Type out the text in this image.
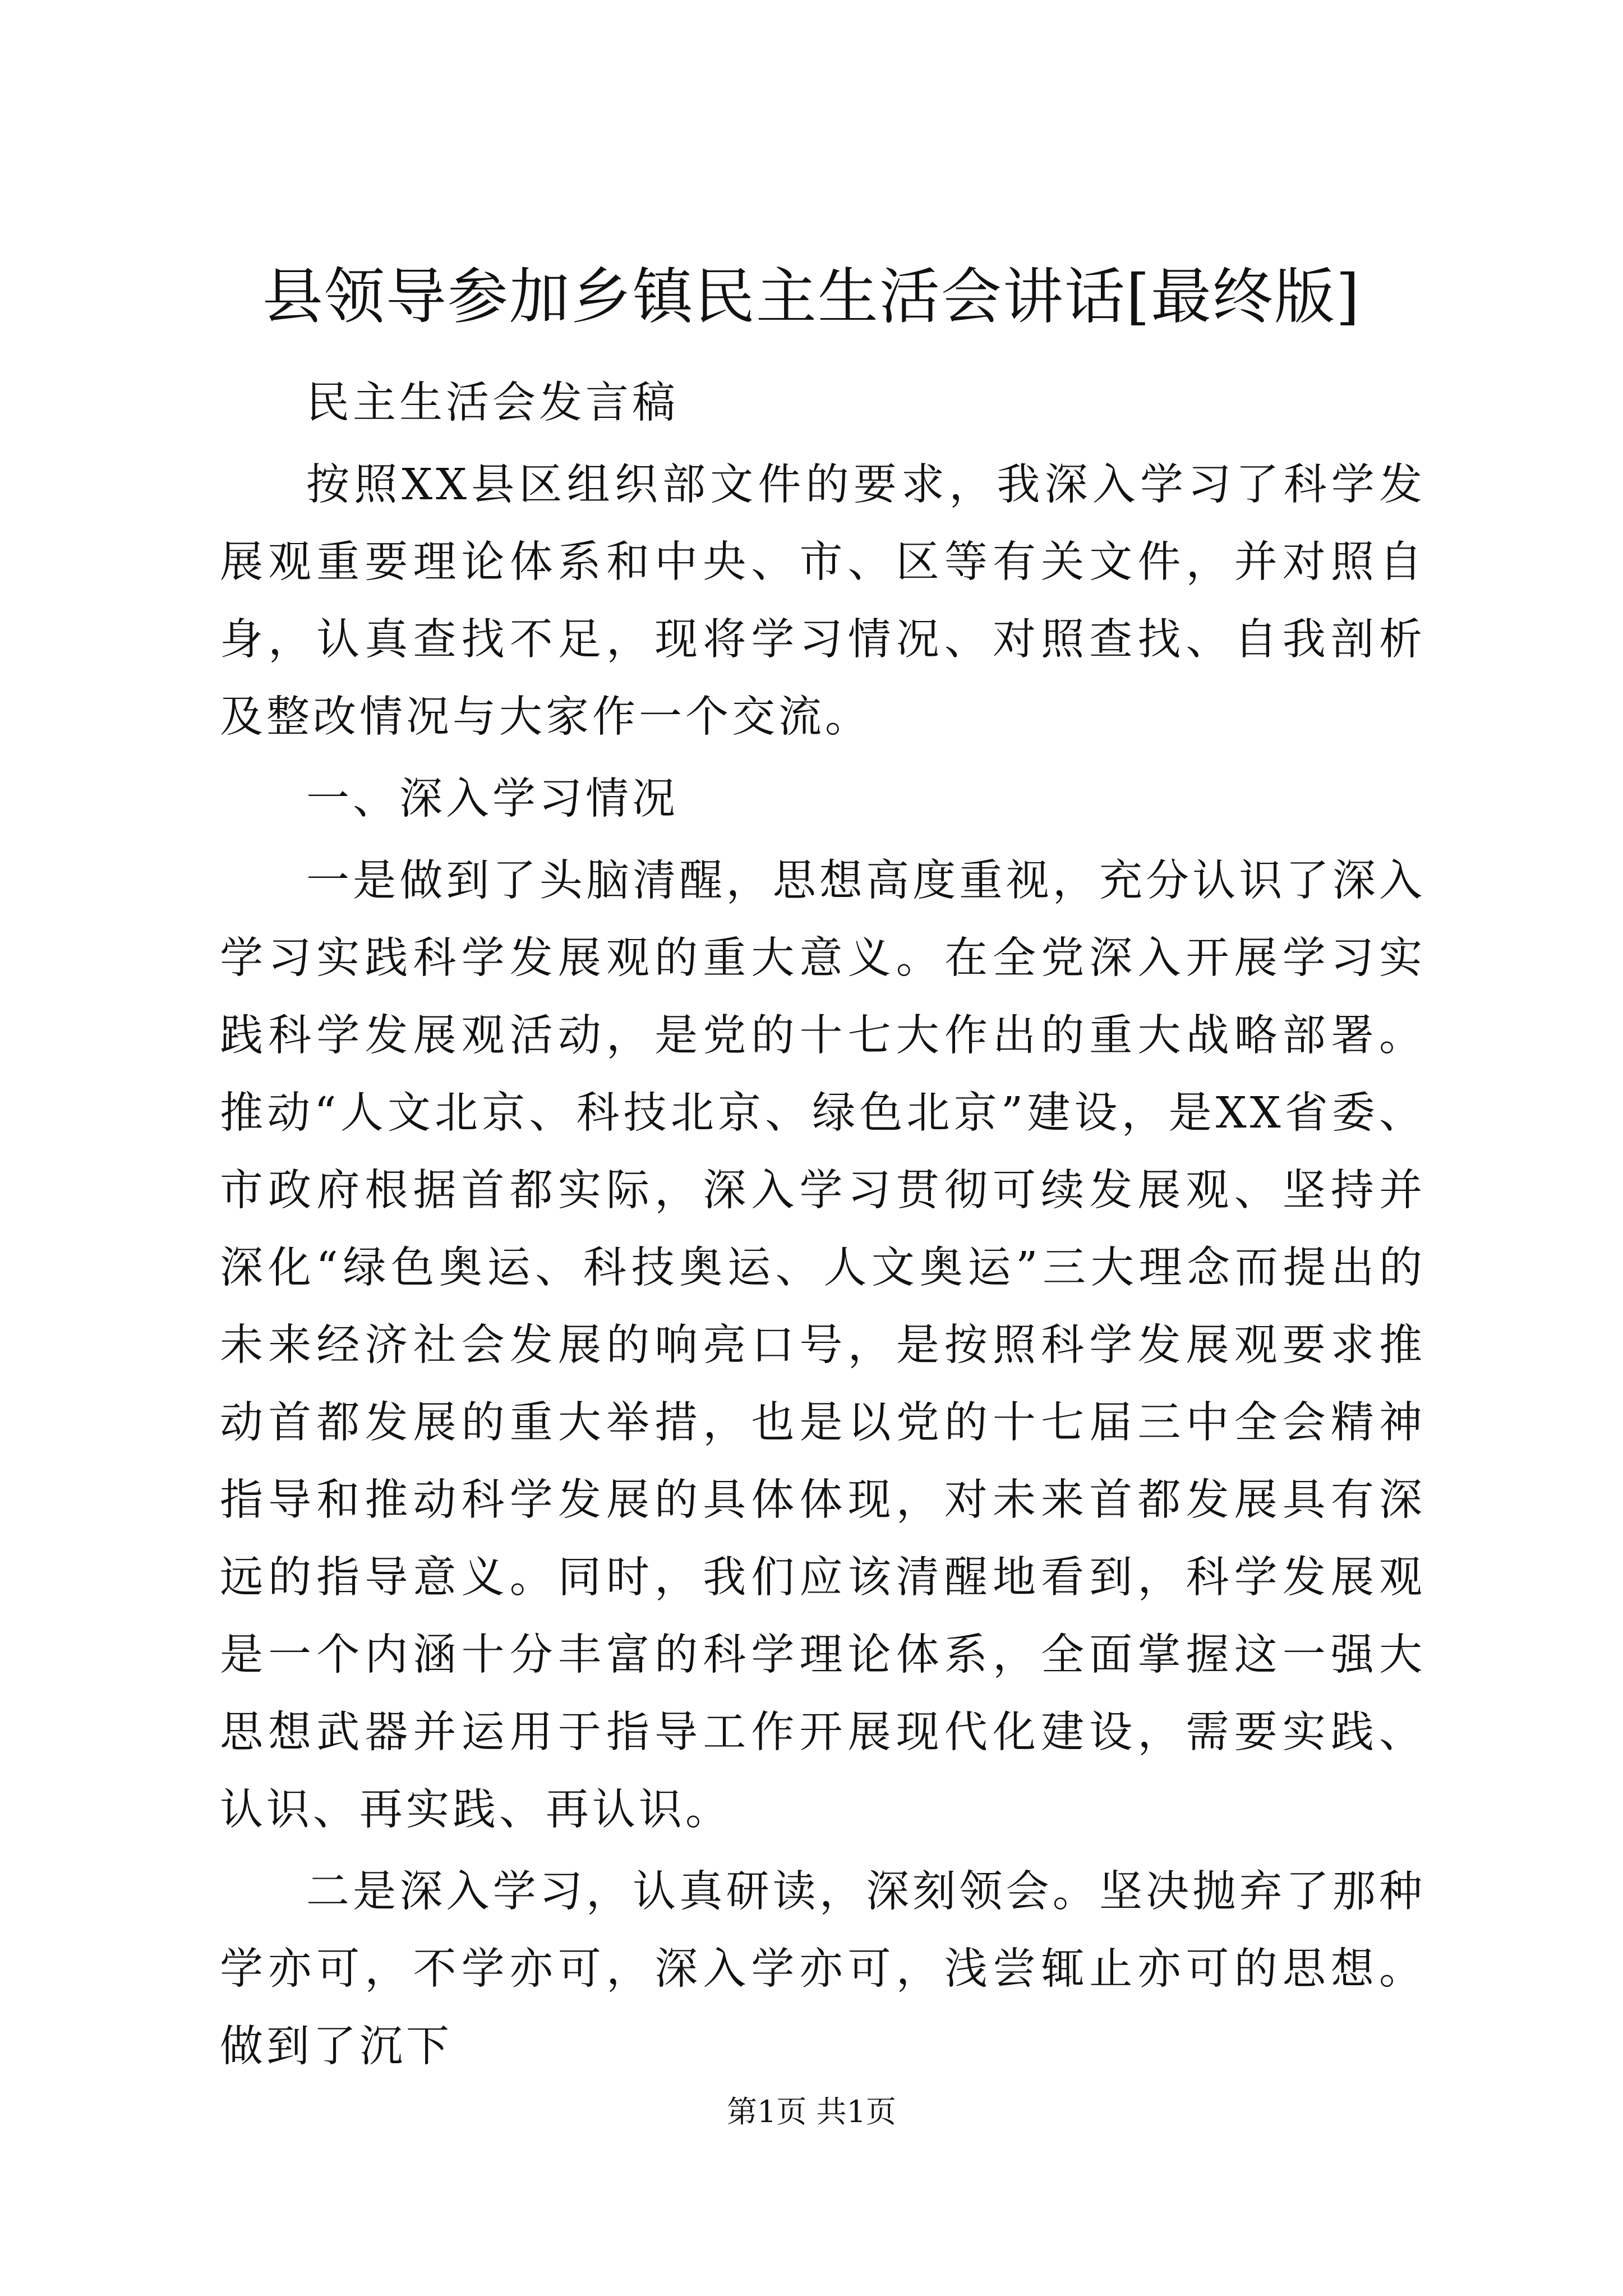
县领导参加乡镇民主生活会讲话[最终版]

民主生活会发言稿

按照XX县区组织部文件的要求，我深入学习了科学发展观重要理论体系和中央、市、区等有关文件，并对照自身，认真查找不足，现将学习情况、对照查找、自我剖析及整改情况与大家作一个交流。

一、深入学习情况

一是做到了头脑清醒，思想高度重视，充分认识了深入学习实践科学发展观的重大意义。在全党深入开展学习实践科学发展观活动，是党的十七大作出的重大战略部署。推动“人文北京、科技北京、绿色北京”建设，是XX省委、市政府根据首都实际，深入学习贯彻可续发展观、坚持并深化“绿色奥运、科技奥运、人文奥运”三大理念而提出的未来经济社会发展的响亮口号，是按照科学发展观要求推动首都发展的重大举措，也是以党的十七届三中全会精神指导和推动科学发展的具体体现，对未来首都发展具有深远的指导意义。同时，我们应该清醒地看到，科学发展观是一个内涵十分丰富的科学理论体系，全面掌握这一强大思想武器并运用于指导工作开展现代化建设，需要实践、认识、再实践、再认识。

二是深入学习，认真研读，深刻领会。坚决抛弃了那种学亦可，不学亦可，深入学亦可，浅尝辄止亦可的思想。做到了沉下

第1页 共1页
